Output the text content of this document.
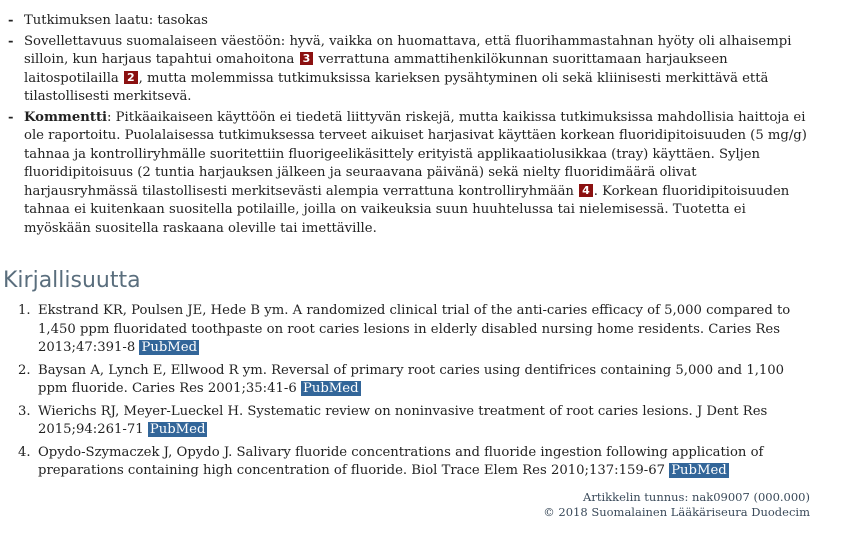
- Tutkimuksen laatu: tasokas
- Sovellettavuus suomalaiseen väestöön: hyvä, vaikka on huomattava, että fluorihammastahnan hyöty oli alhaisempi silloin, kun harjaus tapahtui omahoitona 3 verrattuna ammattihenkilökunnan suorittamaan harjaukseen laitospotilailla 2 , mutta molemmissa tutkimuksissa karieksen pysähtyminen oli sekä kliinisesti merkittävä että tilastollisesti merkitsevä.
- Kommentti: Pitkäaikaiseen käyttöön ei tiedetä liittyvän riskejä, mutta kaikissa tutkimuksissa mahdollisia haittoja ei ole raportoitu. Puolalaisessa tutkimuksessa terveet aikuiset harjasivat käyttäen korkean fluoridipitoisuuden (5 mg/g) tahnaa ja kontrolliryhmälle suoritettiin fluorigeelikäsittely erityistä applikaatiolusikkaa (tray) käyttäen. Syljen fluoridipitoisuus (2 tuntia harjauksen jälkeen ja seuraavana päivänä) sekä nielty fluoridimäärä olivat harjausryhmässä tilastollisesti merkitsevästi alempia verrattuna kontrolliryhmään 4 . Korkean fluoridipitoisuuden tahnaa ei kuitenkaan suositella potilaille, joilla on vaikeuksia suun huuhtelussa tai nielemisessä. Tuotetta ei myöskään suositella raskaana oleville tai imettäville.
Kirjallisuutta
1. Ekstrand KR, Poulsen JE, Hede B ym. A randomized clinical trial of the anti-caries efficacy of 5,000 compared to 1,450 ppm fluoridated toothpaste on root caries lesions in elderly disabled nursing home residents. Caries Res 2013;47:391-8 PubMed
2. Baysan A, Lynch E, Ellwood R ym. Reversal of primary root caries using dentifrices containing 5,000 and 1,100 ppm fluoride. Caries Res 2001;35:41-6 PubMed
3. Wierichs RJ, Meyer-Lueckel H. Systematic review on noninvasive treatment of root caries lesions. J Dent Res 2015;94:261-71 PubMed
4. Opydo-Szymaczek J, Opydo J. Salivary fluoride concentrations and fluoride ingestion following application of preparations containing high concentration of fluoride. Biol Trace Elem Res 2010;137:159-67 PubMed
Artikkelin tunnus: nak09007 (000.000)
© 2018 Suomalainen Lääkäriseura Duodecim
